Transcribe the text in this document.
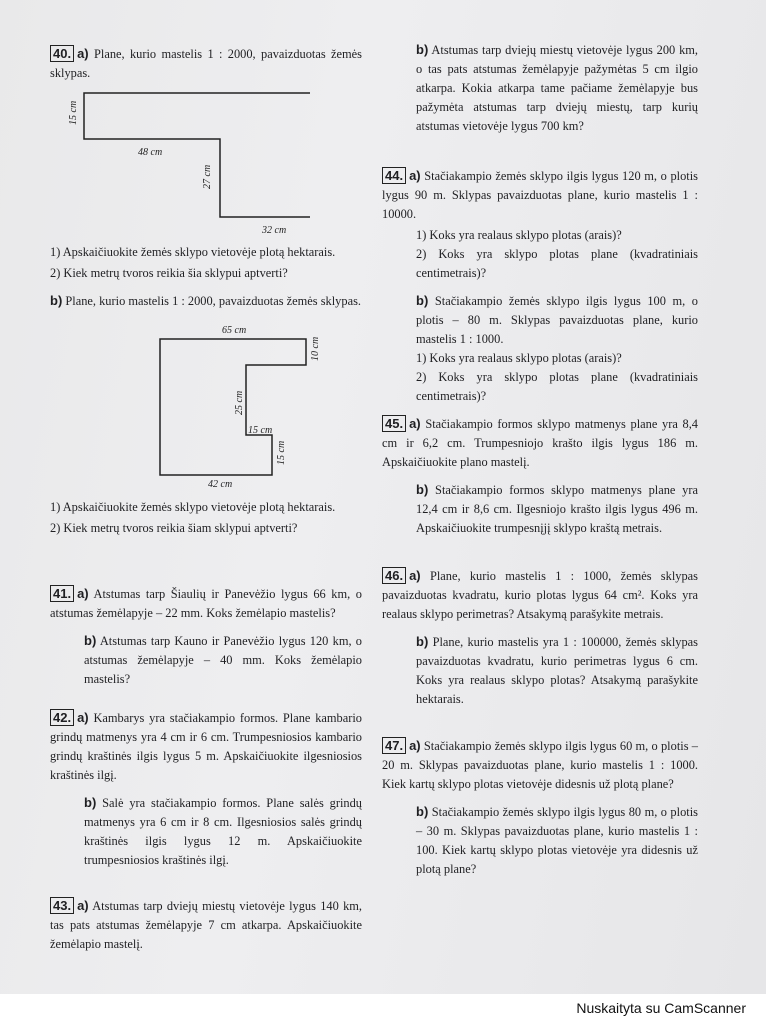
40. a) Plane, kurio mastelis 1 : 2000, pavaizduotas žemės sklypas.

15 cm
48 cm
27 cm
32 cm

1) Apskaičiuokite žemės sklypo vietovėje plotą hektarais.

2) Kiek metrų tvoros reikia šia sklypui aptverti?

b) Plane, kurio mastelis 1 : 2000, pavaizduotas žemės sklypas.

65 cm
10 cm
25 cm
15 cm
15 cm
42 cm

1) Apskaičiuokite žemės sklypo vietovėje plotą hektarais.

2) Kiek metrų tvoros reikia šiam sklypui aptverti?

41. a) Atstumas tarp Šiaulių ir Panevėžio lygus 66 km, o atstumas žemėlapyje – 22 mm. Koks žemėlapio mastelis?

b) Atstumas tarp Kauno ir Panevėžio lygus 120 km, o atstumas žemėlapyje – 40 mm. Koks žemėlapio mastelis?

42. a) Kambarys yra stačiakampio formos. Plane kambario grindų matmenys yra 4 cm ir 6 cm. Trumpesniosios kambario grindų kraštinės ilgis lygus 5 m. Apskaičiuokite ilgesniosios kraštinės ilgį.

b) Salė yra stačiakampio formos. Plane salės grindų matmenys yra 6 cm ir 8 cm. Ilgesniosios salės grindų kraštinės ilgis lygus 12 m. Apskaičiuokite trumpesniosios kraštinės ilgį.

43. a) Atstumas tarp dviejų miestų vietovėje lygus 140 km, tas pats atstumas žemėlapyje 7 cm atkarpa. Apskaičiuokite žemėlapio mastelį.

b) Atstumas tarp dviejų miestų vietovėje lygus 200 km, o tas pats atstumas žemėlapyje pažymėtas 5 cm ilgio atkarpa. Kokia atkarpa tame pačiame žemėlapyje bus pažymėta atstumas tarp dviejų miestų, tarp kurių atstumas vietovėje lygus 700 km?

44. a) Stačiakampio žemės sklypo ilgis lygus 120 m, o plotis lygus 90 m. Sklypas pavaizduotas plane, kurio mastelis 1 : 10000.

1) Koks yra realaus sklypo plotas (arais)?

2) Koks yra sklypo plotas plane (kvadratiniais centimetrais)?

b) Stačiakampio žemės sklypo ilgis lygus 100 m, o plotis – 80 m. Sklypas pavaizduotas plane, kurio mastelis 1 : 1000.

1) Koks yra realaus sklypo plotas (arais)?

2) Koks yra sklypo plotas plane (kvadratiniais centimetrais)?

45. a) Stačiakampio formos sklypo matmenys plane yra 8,4 cm ir 6,2 cm. Trumpesniojo krašto ilgis lygus 186 m. Apskaičiuokite plano mastelį.

b) Stačiakampio formos sklypo matmenys plane yra 12,4 cm ir 8,6 cm. Ilgesniojo krašto ilgis lygus 496 m. Apskaičiuokite trumpesnįjį sklypo kraštą metrais.

46. a) Plane, kurio mastelis 1 : 1000, žemės sklypas pavaizduotas kvadratu, kurio plotas lygus 64 cm². Koks yra realaus sklypo perimetras? Atsakymą parašykite metrais.

b) Plane, kurio mastelis yra 1 : 100000, žemės sklypas pavaizduotas kvadratu, kurio perimetras lygus 6 cm. Koks yra realaus sklypo plotas? Atsakymą parašykite hektarais.

47. a) Stačiakampio žemės sklypo ilgis lygus 60 m, o plotis – 20 m. Sklypas pavaizduotas plane, kurio mastelis 1 : 1000. Kiek kartų sklypo plotas vietovėje didesnis už plotą plane?

b) Stačiakampio žemės sklypo ilgis lygus 80 m, o plotis – 30 m. Sklypas pavaizduotas plane, kurio mastelis 1 : 100. Kiek kartų sklypo plotas vietovėje yra didesnis už plotą plane?

Nuskaityta su CamScanner
